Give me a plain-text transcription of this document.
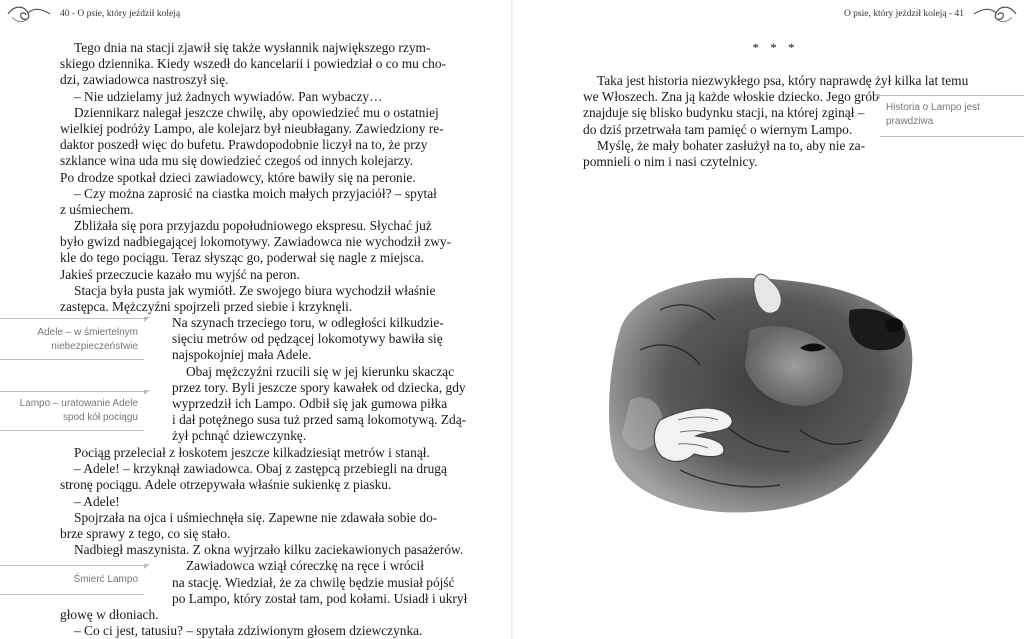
40 - O psie, który jeździł koleją	O psie, który jeździł koleją - 41
Tego dnia na stacji zjawił się także wysłannik największego rzym-
skiego dziennika. Kiedy wszedł do kancelarii i powiedział o co mu cho-
dzi, zawiadowca nastroszył się.
– Nie udzielamy już żadnych wywiadów. Pan wybaczy…
Dziennikarz nalegał jeszcze chwilę, aby opowiedzieć mu o ostatniej
wielkiej podróży Lampo, ale kolejarz był nieubłagany. Zawiedziony re-
daktor poszedł więc do bufetu. Prawdopodobnie liczył na to, że przy
szklance wina uda mu się dowiedzieć czegoś od innych kolejarzy.
Po drodze spotkał dzieci zawiadowcy, które bawiły się na peronie.
– Czy można zaprosić na ciastka moich małych przyjaciół? – spytał
z uśmiechem.
Zbliżała się pora przyjazdu popołudniowego ekspresu. Słychać już
było gwizd nadbiegającej lokomotywy. Zawiadowca nie wychodził zwy-
kle do tego pociągu. Teraz słysząc go, poderwał się nagle z miejsca.
Jakieś przeczucie kazało mu wyjść na peron.
Stacja była pusta jak wymiótł. Ze swojego biura wychodził właśnie
zastępca. Mężczyźni spojrzeli przed siebie i krzyknęli.
Na szynach trzeciego toru, w odległości kilkudzie-
sięciu metrów od pędzącej lokomotywy bawiła się
najspokojniej mała Adele.
Obaj mężczyźni rzucili się w jej kierunku skacząc
przez tory. Byli jeszcze spory kawałek od dziecka, gdy
wyprzedził ich Lampo. Odbił się jak gumowa piłka
i dał potężnego susa tuż przed samą lokomotywą. Zdą-
żył pchnąć dziewczynkę.
Pociąg przeleciał z łoskotem jeszcze kilkadziesiąt metrów i stanął.
– Adele! – krzyknął zawiadowca. Obaj z zastępcą przebiegli na drugą
stronę pociągu. Adele otrzepywała właśnie sukienkę z piasku.
– Adele!
Spojrzała na ojca i uśmiechnęła się. Zapewne nie zdawała sobie do-
brze sprawy z tego, co się stało.
Nadbiegł maszynista. Z okna wyjrzało kilku zaciekawionych pasażerów.
Zawiadowca wziął córeczkę na ręce i wrócił
na stację. Wiedział, że za chwilę będzie musiał pójść
po Lampo, który został tam, pod kołami. Usiadł i ukrył
głowę w dłoniach.
– Co ci jest, tatusiu? – spytała zdziwionym głosem dziewczynka.
Adele – w śmiertelnym
niebezpieczeństwie
Lampo – uratowanie Adele
spod kół pociągu
Śmierć Lampo
* * *
Taka jest historia niezwykłego psa, który naprawdę żył kilka lat temu
we Włoszech. Zna ją każde włoskie dziecko. Jego grób
znajduje się blisko budynku stacji, na której zginął –
do dziś przetrwała tam pamięć o wiernym Lampo.
Myślę, że mały bohater zasłużył na to, aby nie za-
pomnieli o nim i nasi czytelnicy.
Historia o Lampo jest
prawdziwa
